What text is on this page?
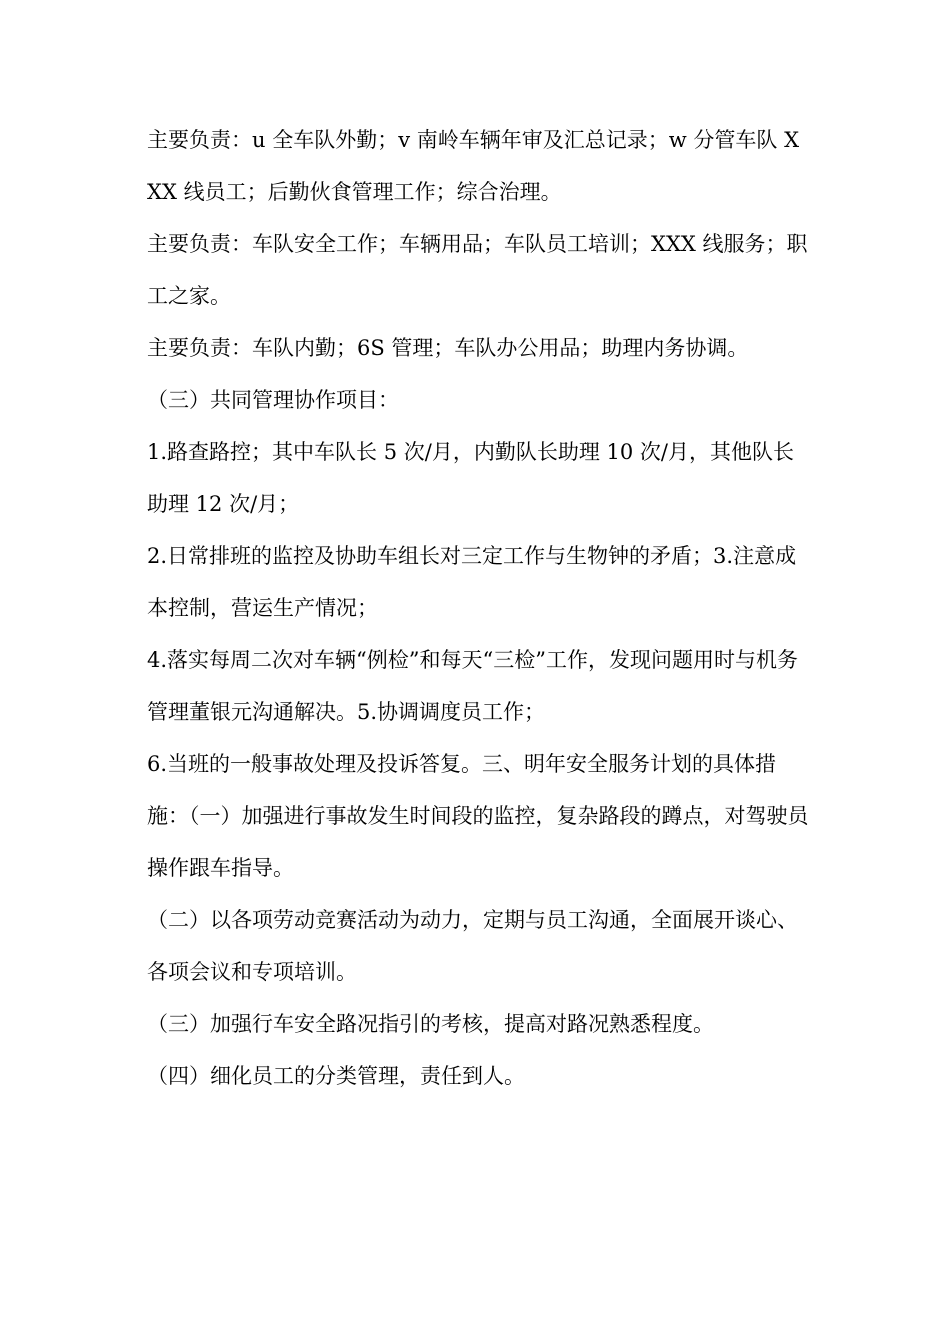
主要负责：u 全车队外勤；v 南岭车辆年审及汇总记录；w 分管车队 XXX 线员工；后勤伙食管理工作；综合治理。

主要负责：车队安全工作；车辆用品；车队员工培训；XXX 线服务；职工之家。

主要负责：车队内勤；6S 管理；车队办公用品；助理内务协调。

（三）共同管理协作项目：

1.路查路控；其中车队长 5 次/月，内勤队长助理 10 次/月，其他队长助理 12 次/月；

2.日常排班的监控及协助车组长对三定工作与生物钟的矛盾；3.注意成本控制，营运生产情况；

4.落实每周二次对车辆“例检”和每天“三检”工作，发现问题用时与机务管理董银元沟通解决。5.协调调度员工作；

6.当班的一般事故处理及投诉答复。三、明年安全服务计划的具体措施：（一）加强进行事故发生时间段的监控，复杂路段的蹲点，对驾驶员操作跟车指导。

（二）以各项劳动竞赛活动为动力，定期与员工沟通，全面展开谈心、各项会议和专项培训。

（三）加强行车安全路况指引的考核，提高对路况熟悉程度。

（四）细化员工的分类管理，责任到人。
